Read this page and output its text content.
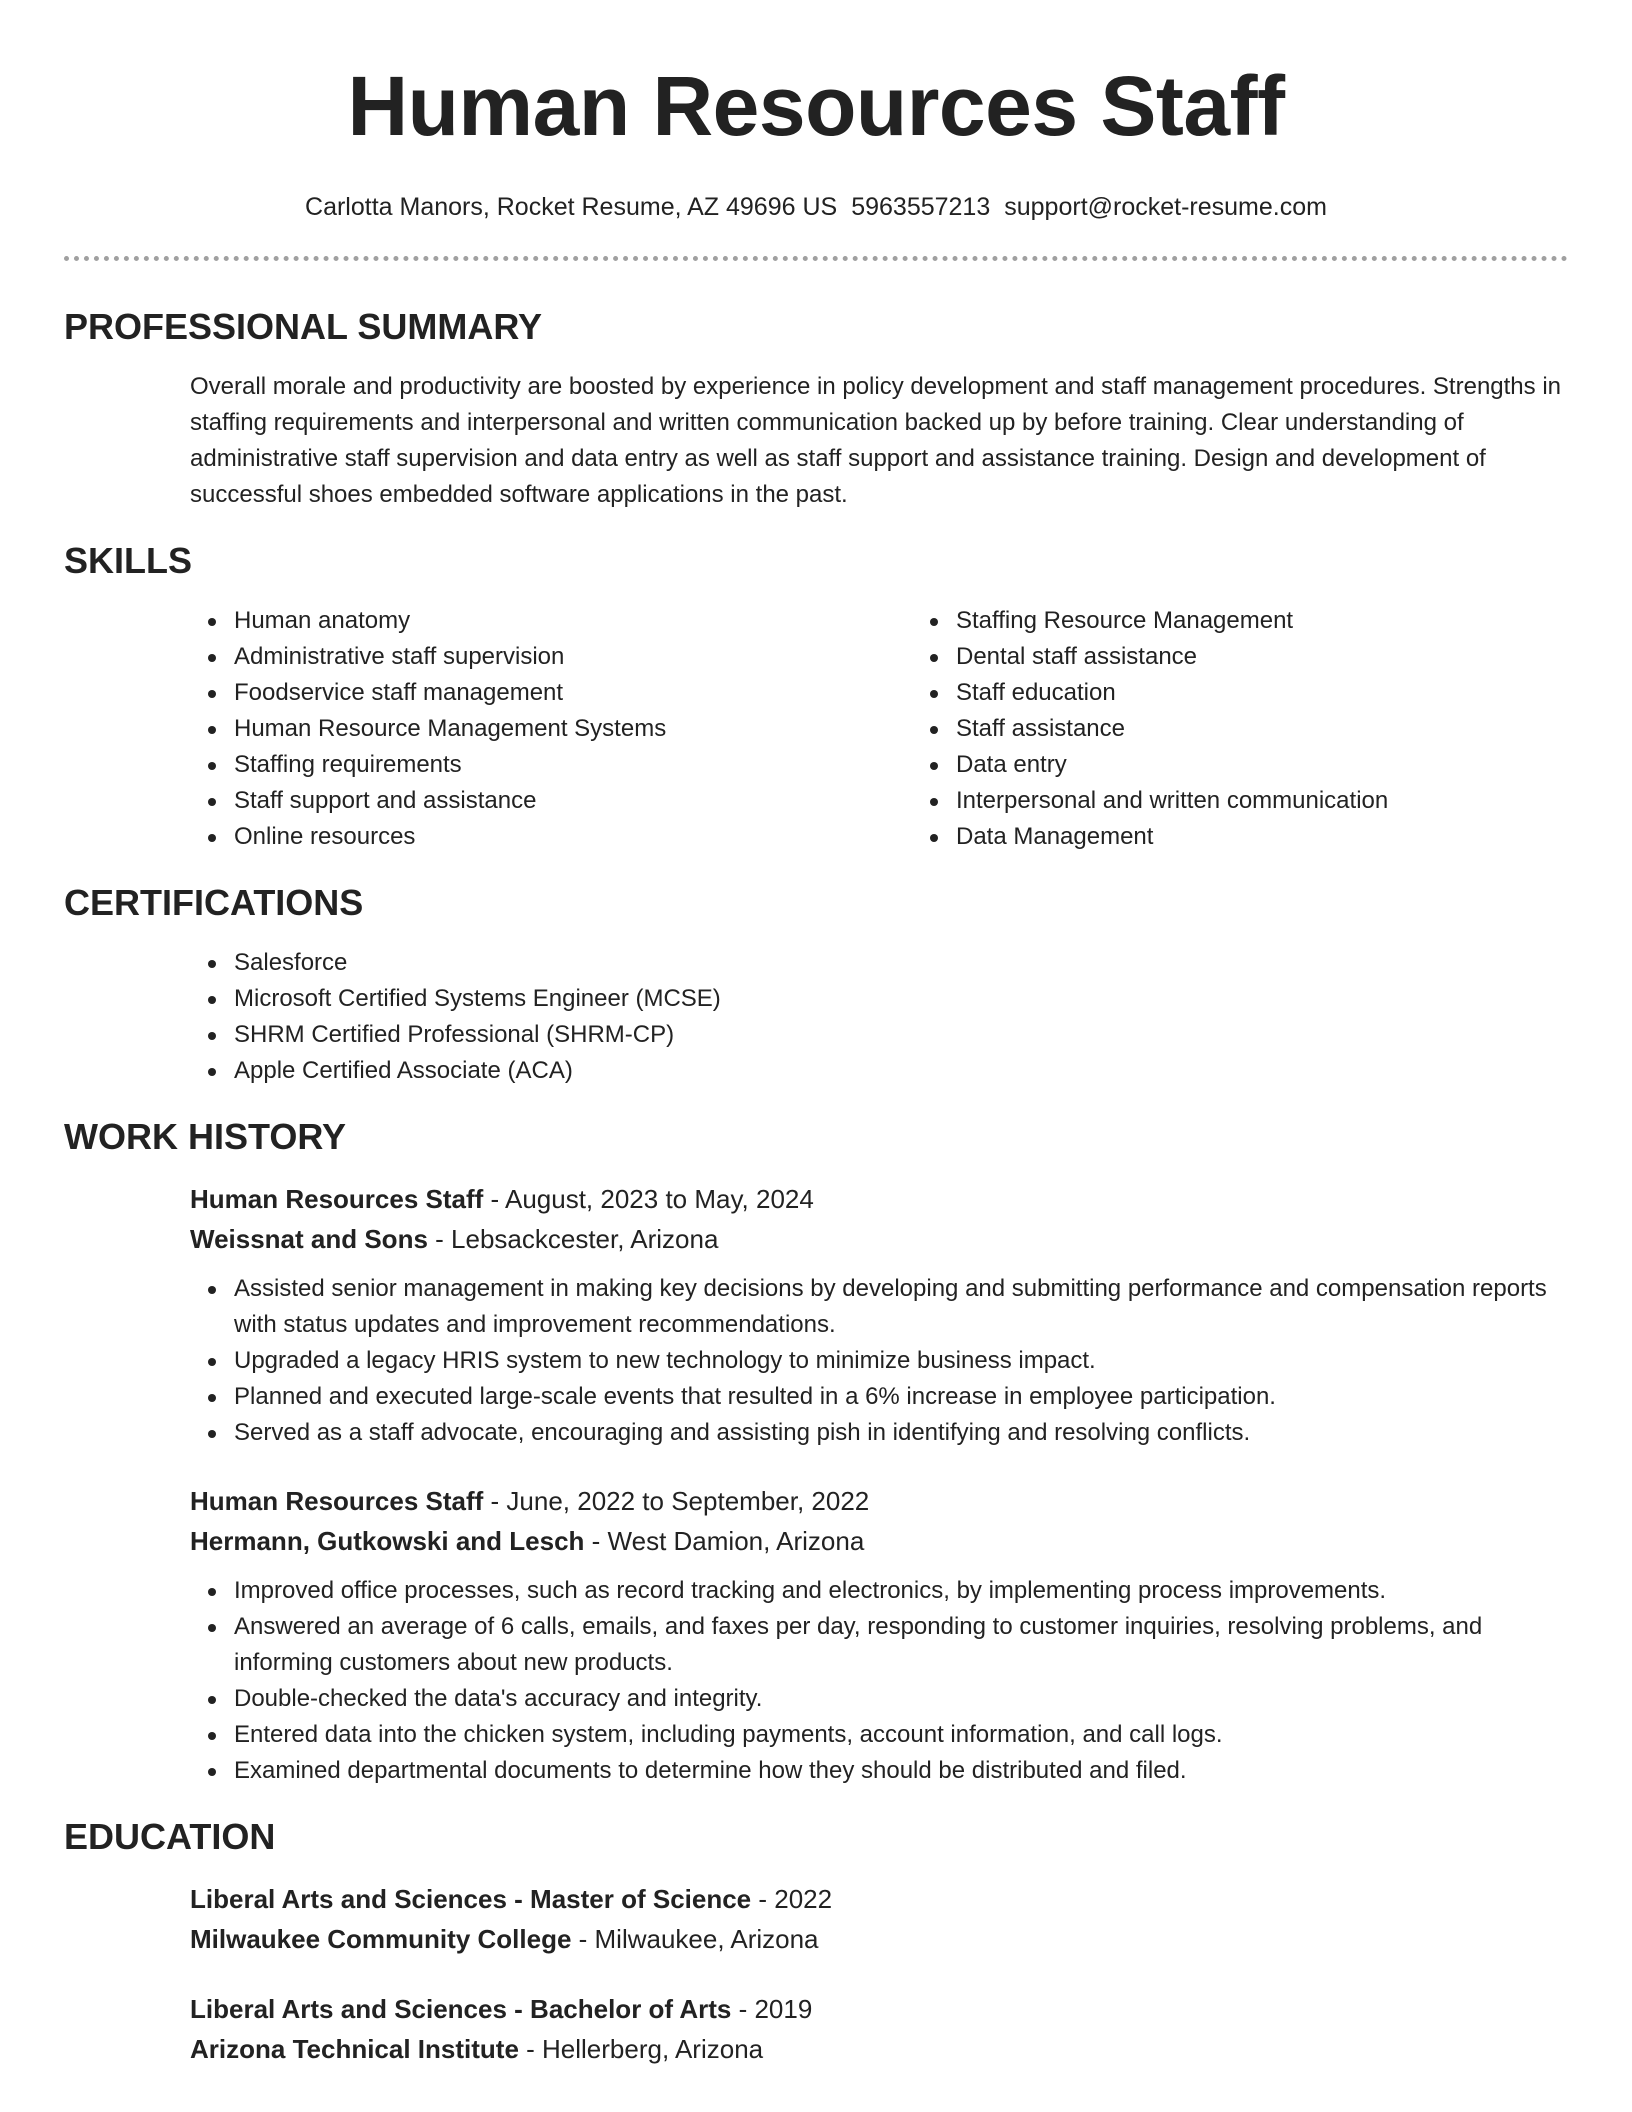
Human Resources Staff
Carlotta Manors, Rocket Resume, AZ 49696 US 5963557213 support@rocket-resume.com
PROFESSIONAL SUMMARY

Overall morale and productivity are boosted by experience in policy development and staff management procedures. Strengths in staffing requirements and interpersonal and written communication backed up by before training. Clear understanding of administrative staff supervision and data entry as well as staff support and assistance training. Design and development of successful shoes embedded software applications in the past.

SKILLS
Human anatomy
Administrative staff supervision
Foodservice staff management
Human Resource Management Systems
Staffing requirements
Staff support and assistance
Online resources
Staffing Resource Management
Dental staff assistance
Staff education
Staff assistance
Data entry
Interpersonal and written communication
Data Management
CERTIFICATIONS
Salesforce
Microsoft Certified Systems Engineer (MCSE)
SHRM Certified Professional (SHRM-CP)
Apple Certified Associate (ACA)
WORK HISTORY
Human Resources Staff - August, 2023 to May, 2024
Weissnat and Sons - Lebsackcester, Arizona
Assisted senior management in making key decisions by developing and submitting performance and compensation reports with status updates and improvement recommendations.
Upgraded a legacy HRIS system to new technology to minimize business impact.
Planned and executed large-scale events that resulted in a 6% increase in employee participation.
Served as a staff advocate, encouraging and assisting pish in identifying and resolving conflicts.
Human Resources Staff - June, 2022 to September, 2022
Hermann, Gutkowski and Lesch - West Damion, Arizona
Improved office processes, such as record tracking and electronics, by implementing process improvements.
Answered an average of 6 calls, emails, and faxes per day, responding to customer inquiries, resolving problems, and informing customers about new products.
Double-checked the data's accuracy and integrity.
Entered data into the chicken system, including payments, account information, and call logs.
Examined departmental documents to determine how they should be distributed and filed.
EDUCATION
Liberal Arts and Sciences - Master of Science - 2022
Milwaukee Community College - Milwaukee, Arizona
Liberal Arts and Sciences - Bachelor of Arts - 2019
Arizona Technical Institute - Hellerberg, Arizona
